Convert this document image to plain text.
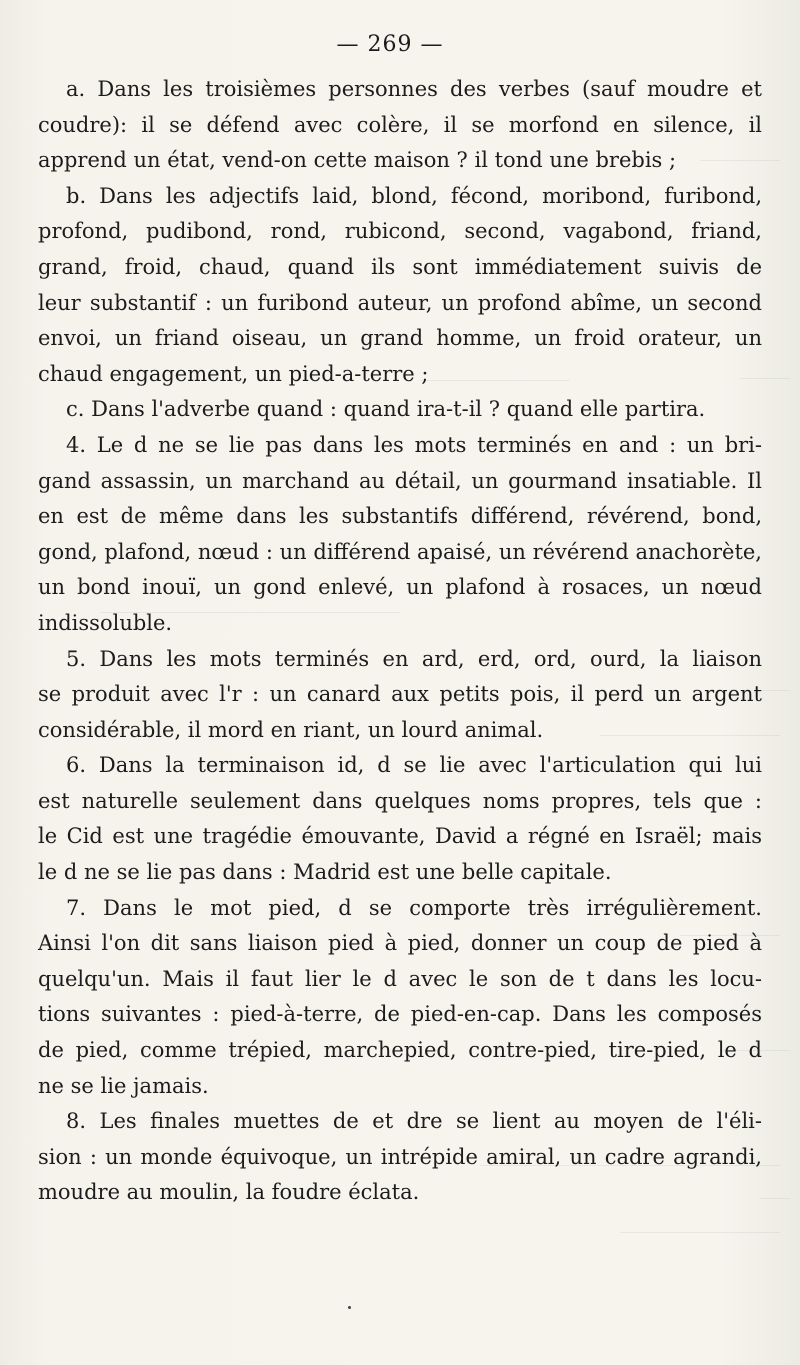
— 269 —
a. Dans les troisièmes personnes des verbes (sauf moudre et
coudre): il se défend avec colère, il se morfond en silence, il
apprend un état, vend-on cette maison ? il tond une brebis ;
b. Dans les adjectifs laid, blond, fécond, moribond, furibond,
profond, pudibond, rond, rubicond, second, vagabond, friand,
grand, froid, chaud, quand ils sont immédiatement suivis de
leur substantif : un furibond auteur, un profond abîme, un second
envoi, un friand oiseau, un grand homme, un froid orateur, un
chaud engagement, un pied-a-terre ;
c. Dans l'adverbe quand : quand ira-t-il ? quand elle partira.
4. Le d ne se lie pas dans les mots terminés en and : un bri-
gand assassin, un marchand au détail, un gourmand insatiable. Il
en est de même dans les substantifs différend, révérend, bond,
gond, plafond, nœud : un différend apaisé, un révérend anachorète,
un bond inouï, un gond enlevé, un plafond à rosaces, un nœud
indissoluble.
5. Dans les mots terminés en ard, erd, ord, ourd, la liaison
se produit avec l'r : un canard aux petits pois, il perd un argent
considérable, il mord en riant, un lourd animal.
6. Dans la terminaison id, d se lie avec l'articulation qui lui
est naturelle seulement dans quelques noms propres, tels que :
le Cid est une tragédie émouvante, David a régné en Israël; mais
le d ne se lie pas dans : Madrid est une belle capitale.
7. Dans le mot pied, d se comporte très irrégulièrement.
Ainsi l'on dit sans liaison pied à pied, donner un coup de pied à
quelqu'un. Mais il faut lier le d avec le son de t dans les locu-
tions suivantes : pied-à-terre, de pied-en-cap. Dans les composés
de pied, comme trépied, marchepied, contre-pied, tire-pied, le d
ne se lie jamais.
8. Les finales muettes de et dre se lient au moyen de l'éli-
sion : un monde équivoque, un intrépide amiral, un cadre agrandi,
moudre au moulin, la foudre éclata.
